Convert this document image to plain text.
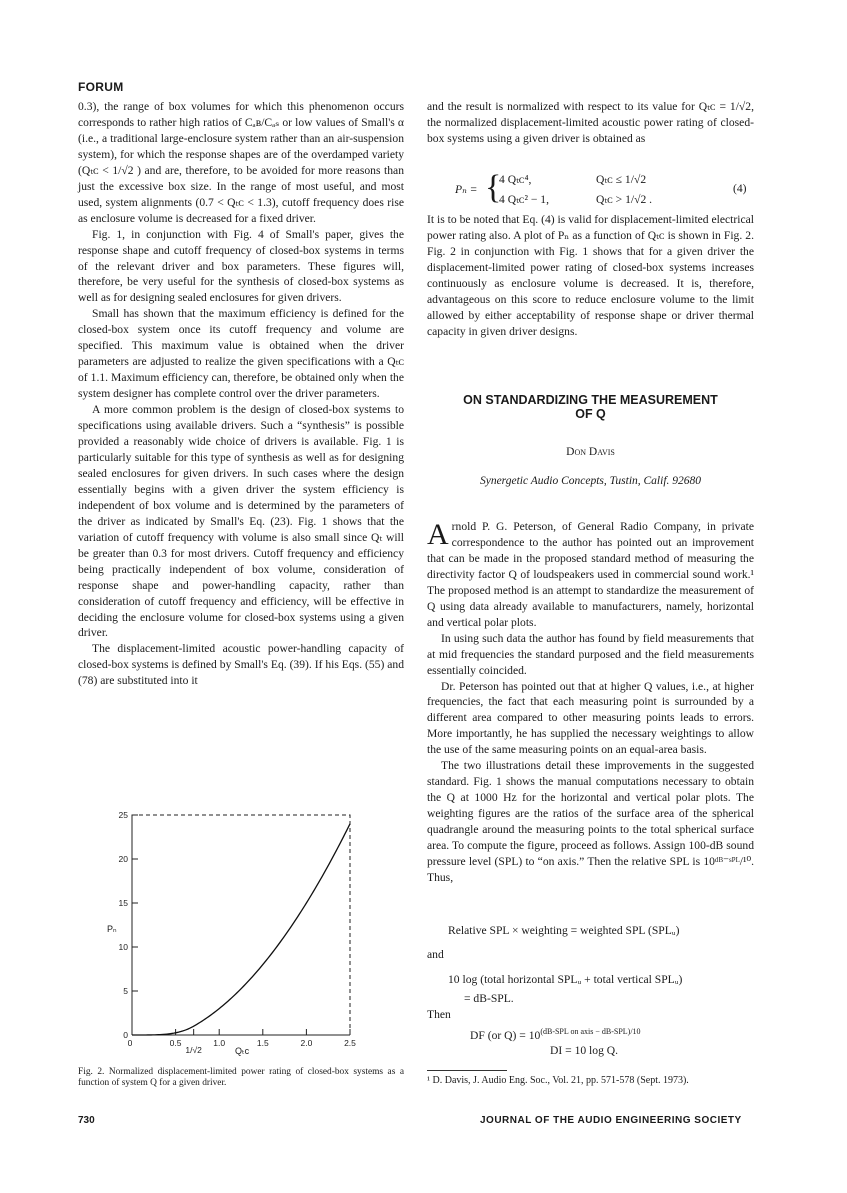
FORUM

0.3), the range of box volumes for which this phenomenon occurs corresponds to rather high ratios of Cₐʙ/Cₐₛ or low values of Small's α (i.e., a traditional large-enclosure system rather than an air-suspension system), for which the response shapes are of the overdamped variety (Qₜᴄ < 1/√2 ) and are, therefore, to be avoided for more reasons than just the excessive box size. In the range of most useful, and most used, system alignments (0.7 < Qₜᴄ < 1.3), cutoff frequency does rise as enclosure volume is decreased for a fixed driver.

Fig. 1, in conjunction with Fig. 4 of Small's paper, gives the response shape and cutoff frequency of closed-box systems in terms of the relevant driver and box parameters. These figures will, therefore, be very useful for the synthesis of closed-box systems as well as for designing sealed enclosures for given drivers.

Small has shown that the maximum efficiency is defined for the closed-box system once its cutoff frequency and volume are specified. This maximum value is obtained when the driver parameters are adjusted to realize the given specifications with a Qₜᴄ of 1.1. Maximum efficiency can, therefore, be obtained only when the system designer has complete control over the driver parameters.

A more common problem is the design of closed-box systems to specifications using available drivers. Such a “synthesis” is possible provided a reasonably wide choice of drivers is available. Fig. 1 is particularly suitable for this type of synthesis as well as for designing sealed enclosures for given drivers. In such cases where the design essentially begins with a given driver the system efficiency is independent of box volume and is determined by the parameters of the driver as indicated by Small's Eq. (23). Fig. 1 shows that the variation of cutoff frequency with volume is also small since Qₜ will be greater than 0.3 for most drivers. Cutoff frequency and efficiency being practically independent of box volume, consideration of response shape and power-handling capacity, rather than consideration of cutoff frequency and efficiency, will be effective in deciding the enclosure volume for closed-box systems using a given driver.

The displacement-limited acoustic power-handling capacity of closed-box systems is defined by Small's Eq. (39). If his Eqs. (55) and (78) are substituted into it

0
5
10
15
20
25
0	0.5
1/√2
1.0	1.5	2.0	2.5
Pₙ
Qₜᴄ
Fig. 2. Normalized displacement-limited power rating of closed-box systems as a function of system Q for a given driver.
730

and the result is normalized with respect to its value for Qₜᴄ = 1/√2, the normalized displacement-limited acoustic power rating of closed-box systems using a given driver is obtained as

Pₙ = {
4 Qₜᴄ⁴,	Qₜᴄ ≤ 1/√2
4 Qₜᴄ² − 1,	Qₜᴄ > 1/√2 .
(4)

It is to be noted that Eq. (4) is valid for displacement-limited electrical power rating also. A plot of Pₙ as a function of Qₜᴄ is shown in Fig. 2. Fig. 2 in conjunction with Fig. 1 shows that for a given driver the displacement-limited power rating of closed-box systems increases continuously as enclosure volume is decreased. It is, therefore, advantageous on this score to reduce enclosure volume to the limit allowed by either acceptability of response shape or driver thermal capacity in given driver designs.

ON STANDARDIZING THE MEASUREMENT
OF Q
Don Davis
Synergetic Audio Concepts, Tustin, Calif. 92680

Arnold P. G. Peterson, of General Radio Company, in private correspondence to the author has pointed out an improvement that can be made in the proposed standard method of measuring the directivity factor Q of loudspeakers used in commercial sound work.¹ The proposed method is an attempt to standardize the measurement of Q using data already available to manufacturers, namely, horizontal and vertical polar plots.

In using such data the author has found by field measurements that at mid frequencies the standard purposed and the field measurements essentially coincided.

Dr. Peterson has pointed out that at higher Q values, i.e., at higher frequencies, the fact that each measuring point is surrounded by a different area compared to other measuring points leads to errors. More importantly, he has supplied the necessary weightings to allow the use of the same measuring points on an equal-area basis.

The two illustrations detail these improvements in the suggested standard. Fig. 1 shows the manual computations necessary to obtain the Q at 1000 Hz for the horizontal and vertical polar plots. The weighting figures are the ratios of the surface area of the spherical quadrangle around the measuring points to the total spherical surface area. To compute the figure, proceed as follows. Assign 100-dB sound pressure level (SPL) to “on axis.” Then the relative SPL is 10ᵈᴮ⁻ˢᴾᴸ/¹⁰. Thus,

Relative SPL × weighting = weighted SPL (SPLᵤ)
and
10 log (total horizontal SPLᵤ + total vertical SPLᵤ)
= dB-SPL.
Then
DF (or $Q) = 10^{(dB-SPL on axis - dB-SPL)/10}$
DI = 10 log Q.
¹ D. Davis, J. Audio Eng. Soc., Vol. 21, pp. 571-578 (Sept. 1973).
JOURNAL OF THE AUDIO ENGINEERING SOCIETY
